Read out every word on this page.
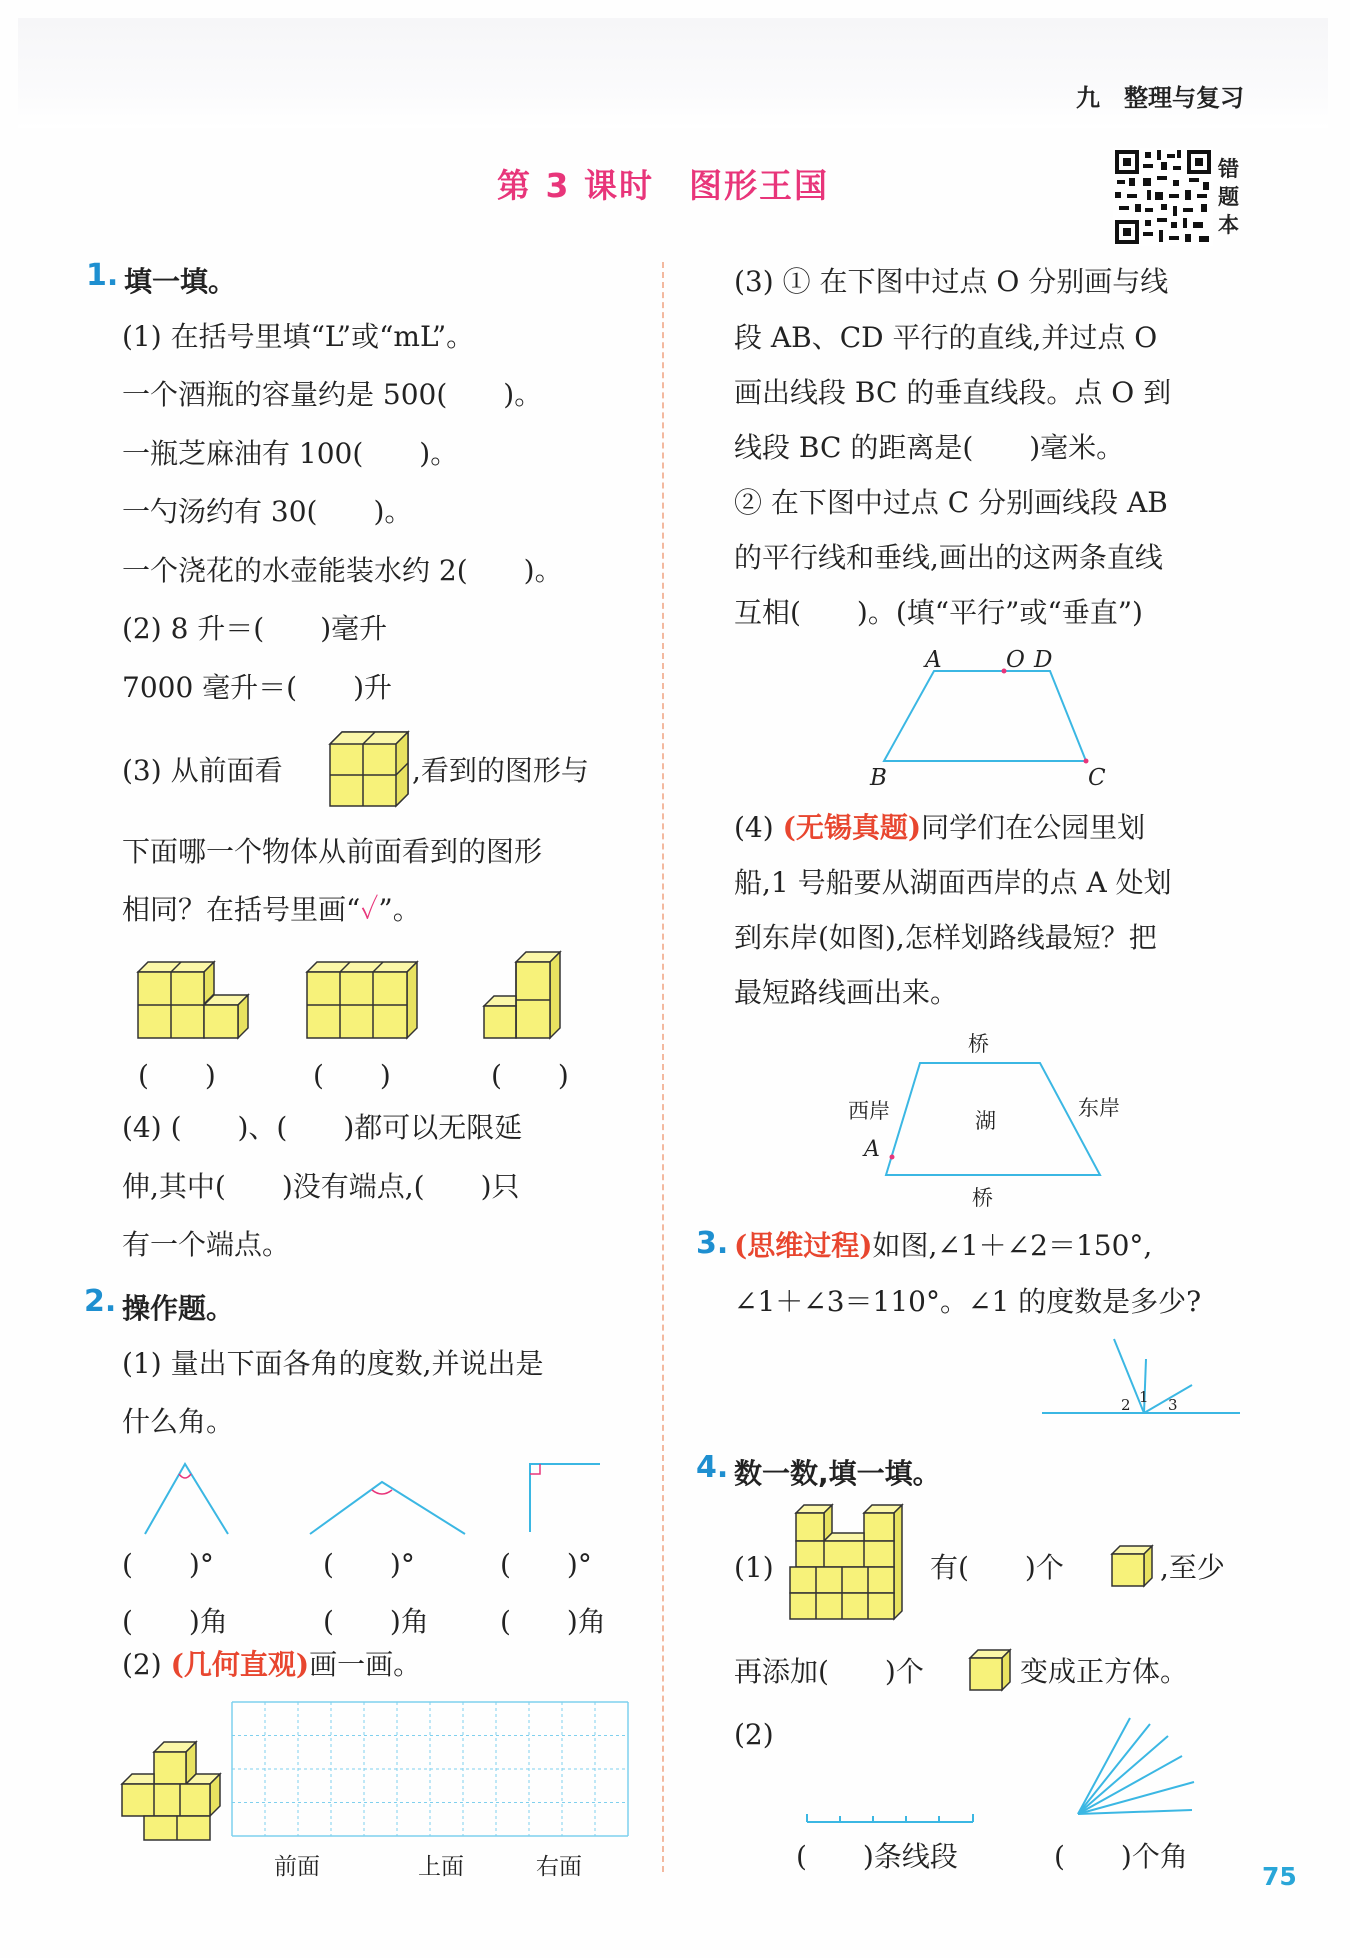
九　整理与复习
第 3 课时　图形王国	错题本
1. 填一填。
(1) 在括号里填“L”或“mL”。
一个酒瓶的容量约是 500(　　)。
一瓶芝麻油有 100(　　)。
一勺汤约有 30(　　)。
一个浇花的水壶能装水约 2(　　)。
(2) 8 升＝(　　)毫升
7000 毫升＝(　　)升
(3) 从前面看	,看到的图形与
下面哪一个物体从前面看到的图形
相同？在括号里画“✓”。
(　　)	(　　)	(　　)
(4) (　　)、(　　)都可以无限延
伸,其中(　　)没有端点,(　　)只
有一个端点。
2. 操作题。
(1) 量出下面各角的度数,并说出是
什么角。
(　　)°	(　　)°	(　　)°
(　　)角	(　　)角	(　　)角
(2) (几何直观)画一画。
前面	上面	右面
(3) ① 在下图中过点 O 分别画与线
段 AB、CD 平行的直线,并过点 O
画出线段 BC 的垂直线段。点 O 到
线段 BC 的距离是(　　)毫米。
② 在下图中过点 C 分别画线段 AB
的平行线和垂线,画出的这两条直线
互相(　　)。(填“平行”或“垂直”)
A	O D
B	C
(4) (无锡真题)同学们在公园里划
船,1 号船要从湖面西岸的点 A 处划
到东岸(如图),怎样划路线最短？把
最短路线画出来。
桥
桥
西岸	东岸
湖
A
3. (思维过程)如图,∠1＋∠2＝150°,
∠1＋∠3＝110°。∠1 的度数是多少?
2 1 3
4. 数一数,填一填。
(1)	有(　　)个	,至少
再添加(　　)个	变成正方体。
(2)
(　　)条线段	(　　)个角
75
